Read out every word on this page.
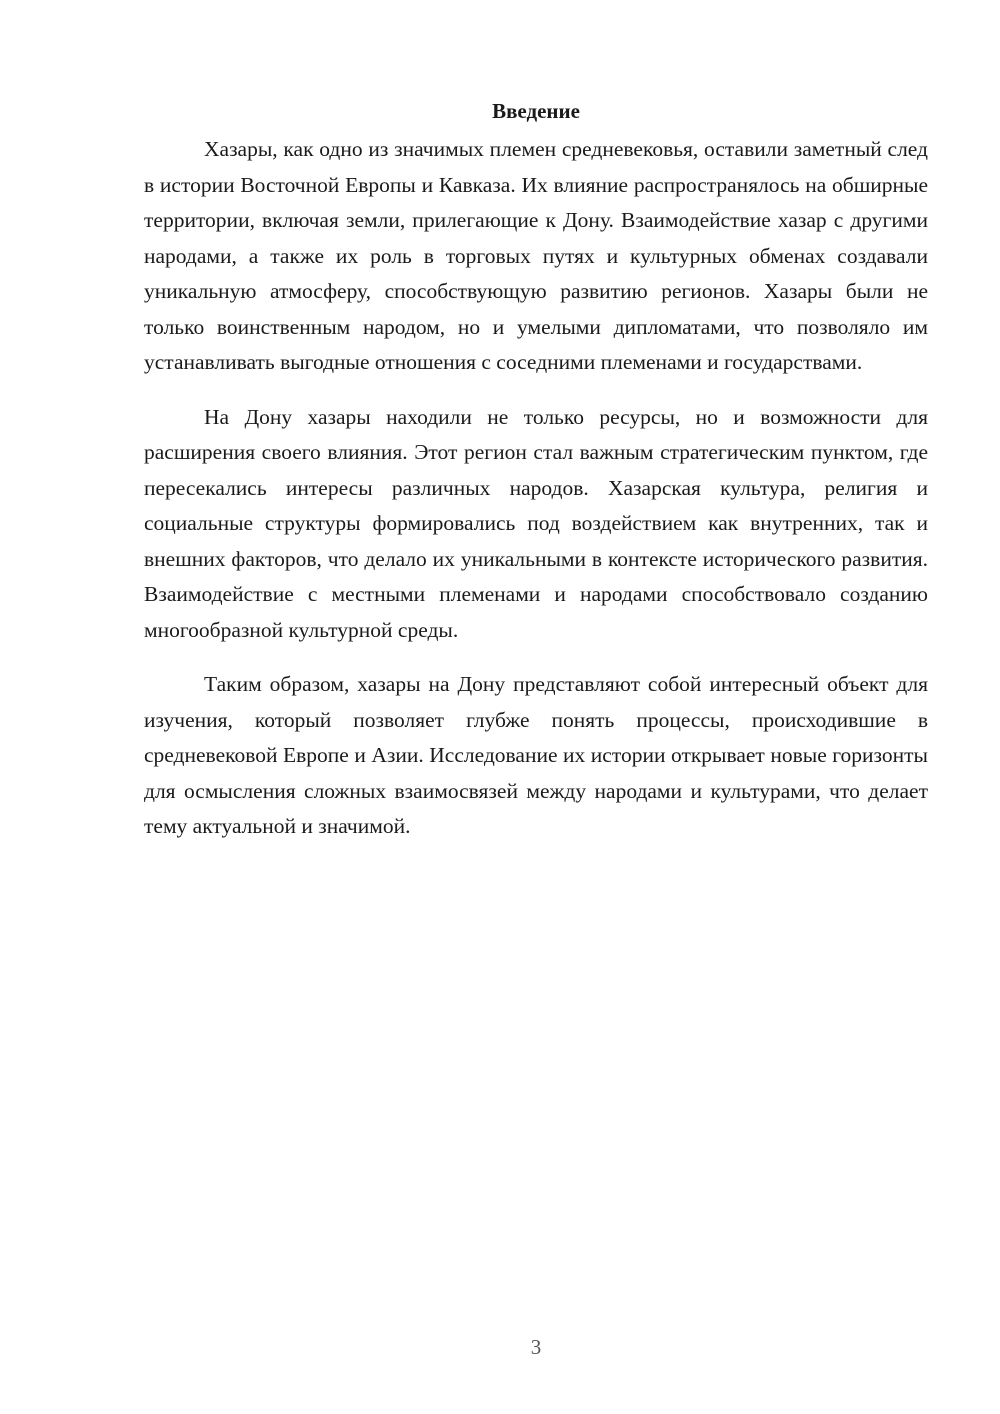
Введение

Хазары, как одно из значимых племен средневековья, оставили заметный след в истории Восточной Европы и Кавказа. Их влияние распространялось на обширные территории, включая земли, прилегающие к Дону. Взаимодействие хазар с другими народами, а также их роль в торговых путях и культурных обменах создавали уникальную атмосферу, способствующую развитию регионов. Хазары были не только воинственным народом, но и умелыми дипломатами, что позволяло им устанавливать выгодные отношения с соседними племенами и государствами.

На Дону хазары находили не только ресурсы, но и возможности для расширения своего влияния. Этот регион стал важным стратегическим пунктом, где пересекались интересы различных народов. Хазарская культура, религия и социальные структуры формировались под воздействием как внутренних, так и внешних факторов, что делало их уникальными в контексте исторического развития. Взаимодействие с местными племенами и народами способствовало созданию многообразной культурной среды.

Таким образом, хазары на Дону представляют собой интересный объект для изучения, который позволяет глубже понять процессы, происходившие в средневековой Европе и Азии. Исследование их истории открывает новые горизонты для осмысления сложных взаимосвязей между народами и культурами, что делает тему актуальной и значимой.

3
